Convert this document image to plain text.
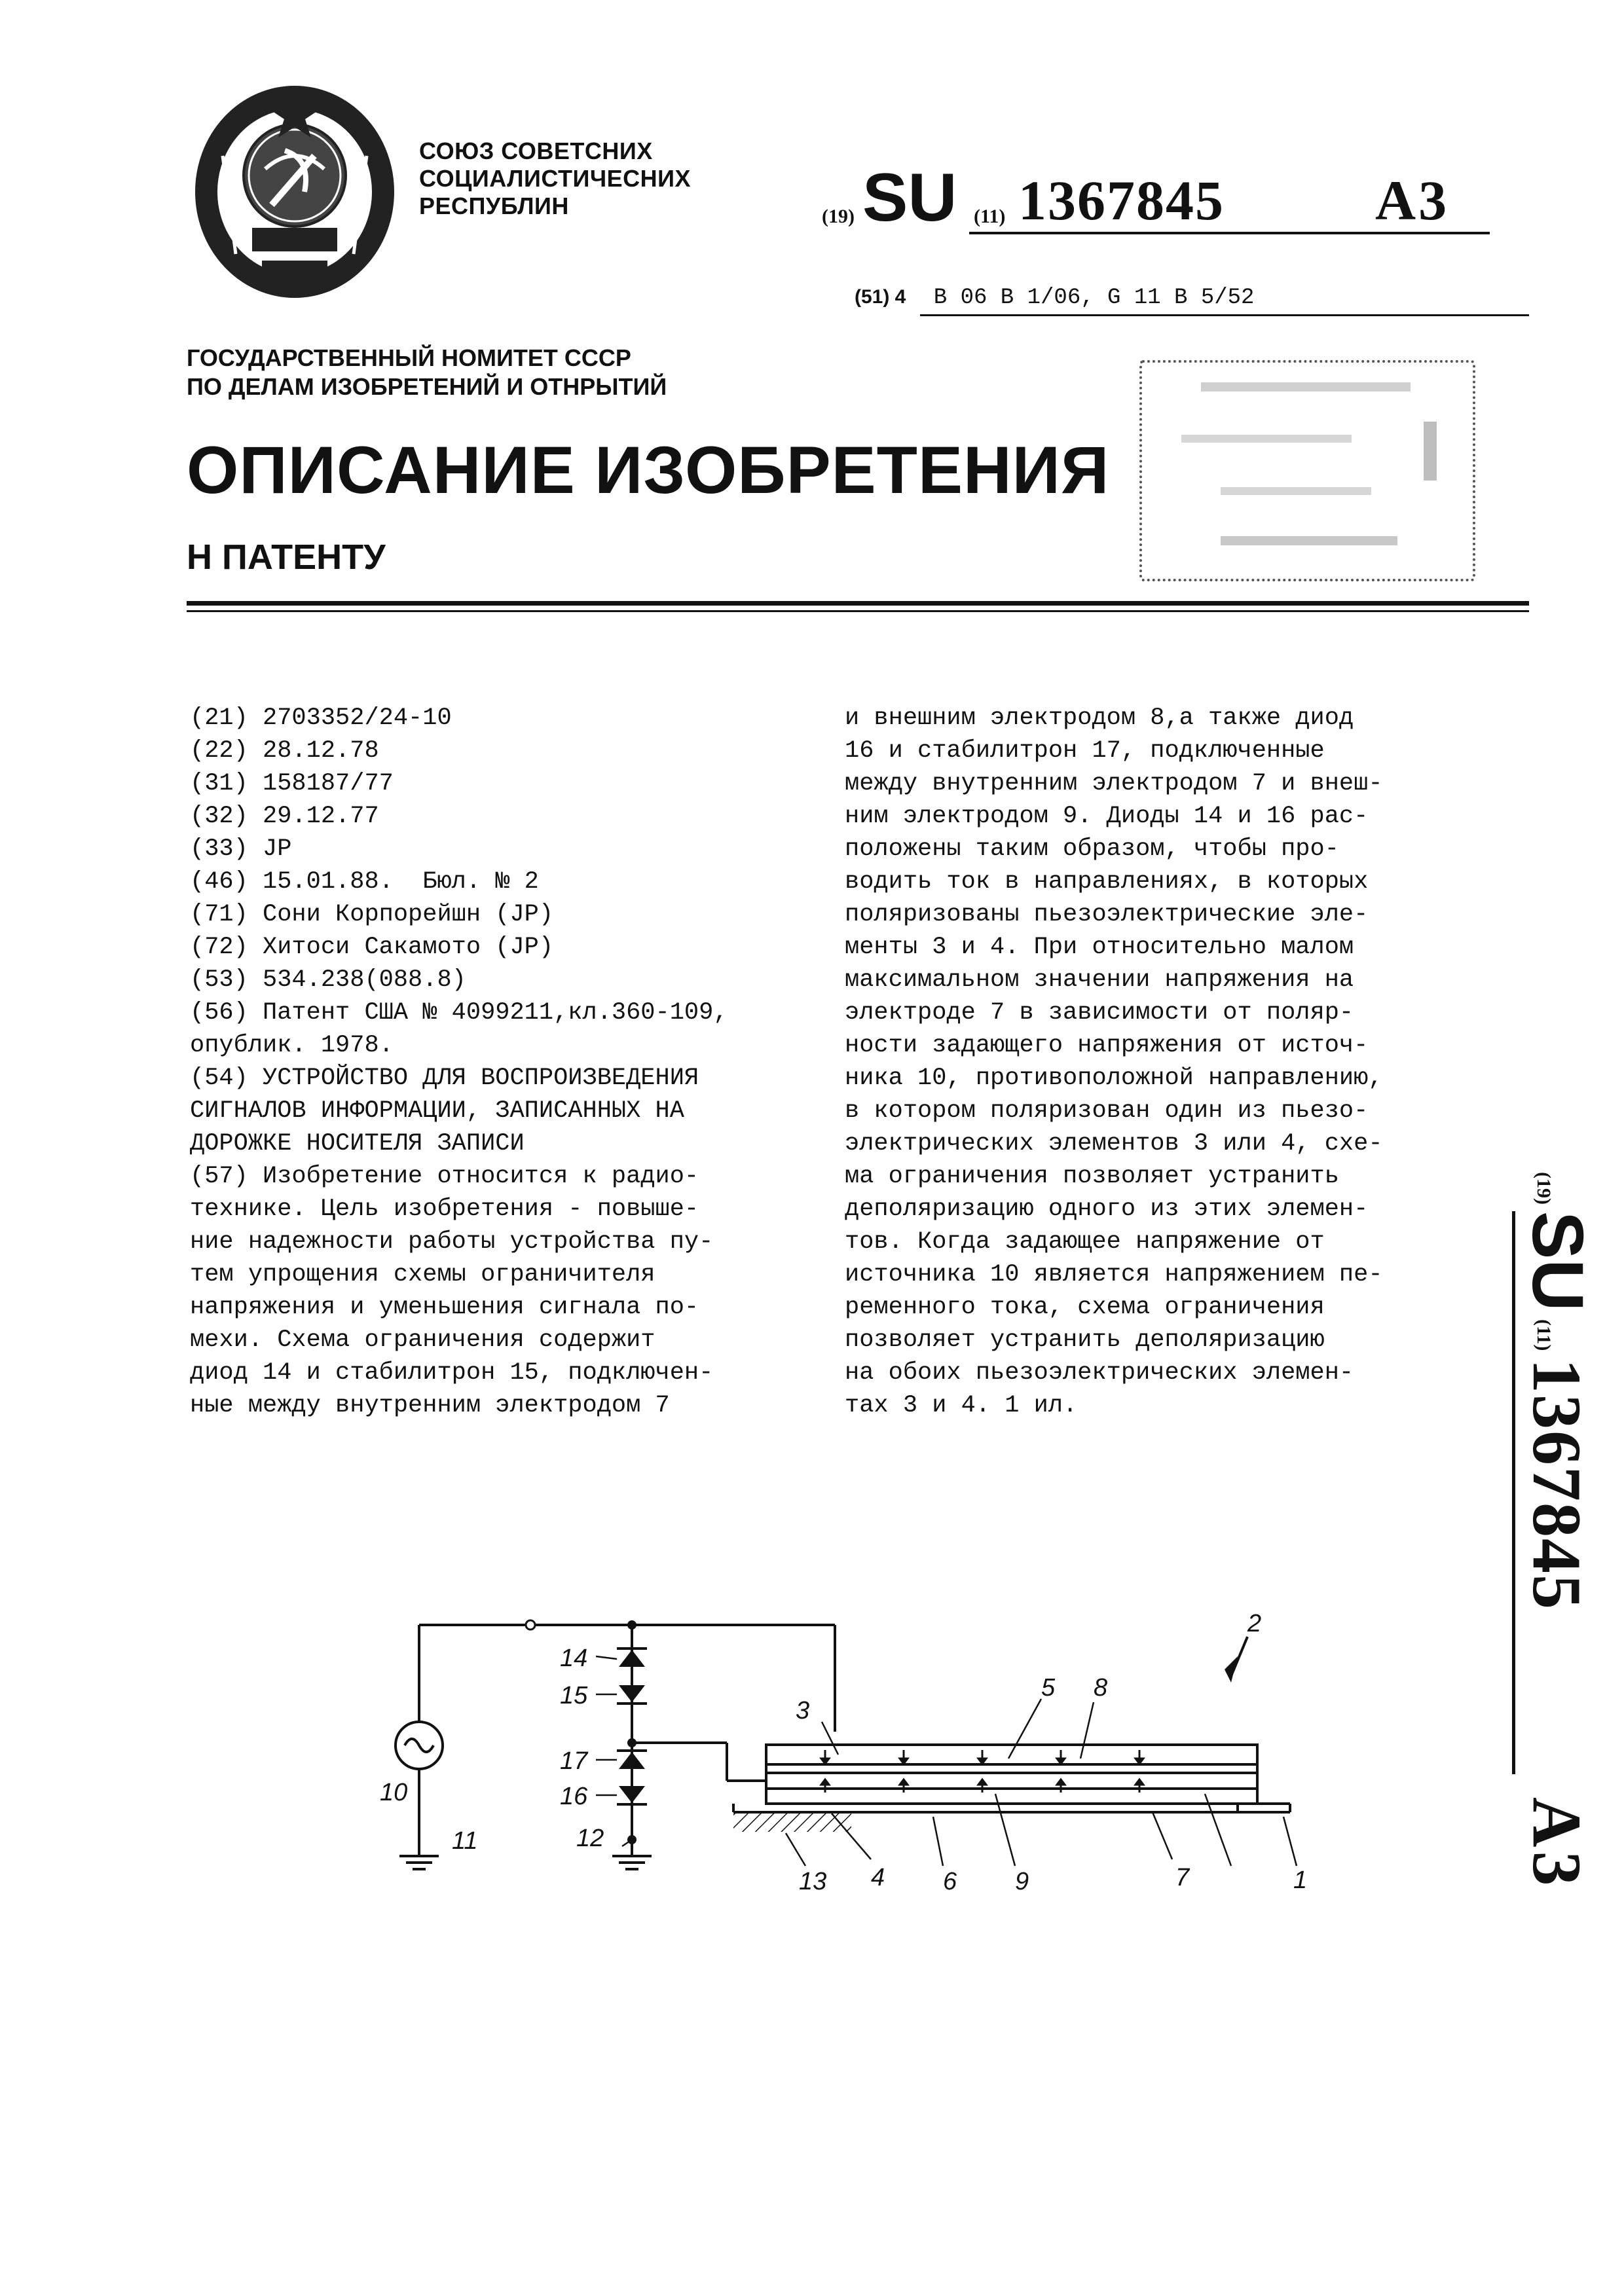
СОЮЗ СОВЕТСНИХ
СОЦИАЛИСТИЧЕСНИХ
РЕСПУБЛИН	(19) SU (11) 1367845	A3
(51) 4 B 06 B 1/06, G 11 B 5/52
ГОСУДАРСТВЕННЫЙ НОМИТЕТ СССР
ПО ДЕЛАМ ИЗОБРЕТЕНИЙ И ОТНРЫТИЙ
ОПИСАНИЕ ИЗОБРЕТЕНИЯ
Н ПАТЕНТУ
(21) 2703352/24-10
(22) 28.12.78
(31) 158187/77
(32) 29.12.77
(33) JP
(46) 15.01.88.  Бюл. № 2
(71) Сони Корпорейшн (JP)
(72) Хитоси Сакамото (JP)
(53) 534.238(088.8)
(56) Патент США № 4099211,кл.360-109,
опублик. 1978.
(54) УСТРОЙСТВО ДЛЯ ВОСПРОИЗВЕДЕНИЯ
СИГНАЛОВ ИНФОРМАЦИИ, ЗАПИСАННЫХ НА
ДОРОЖКЕ НОСИТЕЛЯ ЗАПИСИ
(57) Изобретение относится к радио-
технике. Цель изобретения - повыше-
ние надежности работы устройства пу-
тем упрощения схемы ограничителя
напряжения и уменьшения сигнала по-
мехи. Схема ограничения содержит
диод 14 и стабилитрон 15, подключен-
ные между внутренним электродом 7
и внешним электродом 8,а также диод
16 и стабилитрон 17, подключенные
между внутренним электродом 7 и внеш-
ним электродом 9. Диоды 14 и 16 рас-
положены таким образом, чтобы про-
водить ток в направлениях, в которых
поляризованы пьезоэлектрические эле-
менты 3 и 4. При относительно малом
максимальном значении напряжения на
электроде 7 в зависимости от поляр-
ности задающего напряжения от источ-
ника 10, противоположной направлению,
в котором поляризован один из пьезо-
электрических элементов 3 или 4, схе-
ма ограничения позволяет устранить
деполяризацию одного из этих элемен-
тов. Когда задающее напряжение от
источника 10 является напряжением пе-
ременного тока, схема ограничения
позволяет устранить деполяризацию
на обоих пьезоэлектрических элемен-
тах 3 и 4. 1 ил.
(19)
SU
(11)
1367845
A3
14
15
17
16
12
11
10
3
5 8
2
4 6 9	7	1
13
